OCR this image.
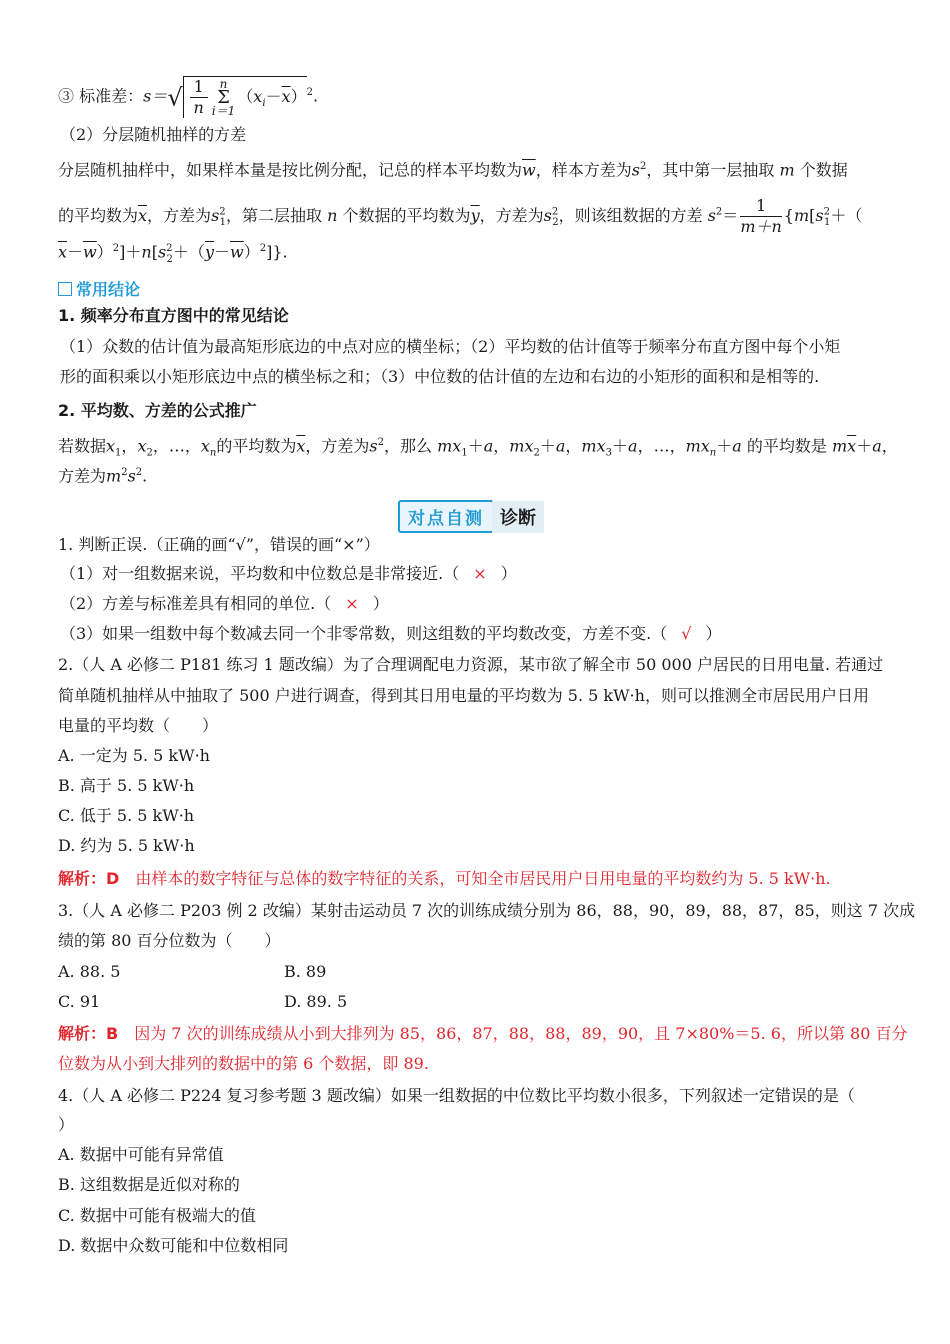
③ 标准差：$s=√ \frac{1}{n}$ n
Σ
$i=1(x_i-\overline{x})^2$.
（2）分层随机抽样的方差
分层随机抽样中，如果样本量是按比例分配，记总的样本平均数为$\overline{w}$，样本方差为$s^2$，其中第一层抽取 m 个数据
的平均数为$\overline{x}$，方差为$s^2_1$，第二层抽取 n 个数据的平均数为$\overline{y}$，方差为$s^2_2$，则该组数据的方差 $s^2= \frac{1}{m+n} \{m[s^2_1+$（
$\overline{x}-\overline{w})^2]+n[s^2_2+(\overline{y}-\overline{w})^2]$}.
常用结论
1. 频率分布直方图中的常见结论
（1）众数的估计值为最高矩形底边的中点对应的横坐标；（2）平均数的估计值等于频率分布直方图中每个小矩
形的面积乘以小矩形底边中点的横坐标之和；（3）中位数的估计值的左边和右边的小矩形的面积和是相等的.
2. 平均数、方差的公式推广
若数据$x_1$，$x_2$，…，$x_n$的平均数为$\overline{x}$，方差为$s^2$，那么 $mx_1+a$，$mx_2+a$，$mx_3+a$，…，$mx_n+a$ 的平均数是 $m\overline{x}+a$，
方差为$m^2s^2$.
对点自测 诊断
1. 判断正误.（正确的画“√”，错误的画“×”）
（1）对一组数据来说，平均数和中位数总是非常接近.（ × ）
（2）方差与标准差具有相同的单位.（ × ）
（3）如果一组数中每个数减去同一个非零常数，则这组数的平均数改变，方差不变.（ √ ）
2.（人 A 必修二 P181 练习 1 题改编）为了合理调配电力资源，某市欲了解全市 50 000 户居民的日用电量. 若通过
简单随机抽样从中抽取了 500 户进行调查，得到其日用电量的平均数为 5. 5 kW·h，则可以推测全市居民用户日用
电量的平均数（　　）
A. 一定为 5. 5 kW·h
B. 高于 5. 5 kW·h
C. 低于 5. 5 kW·h
D. 约为 5. 5 kW·h
解析：D　 由样本的数字特征与总体的数字特征的关系，可知全市居民用户日用电量的平均数约为 5. 5 kW·h.
3.（人 A 必修二 P203 例 2 改编）某射击运动员 7 次的训练成绩分别为 86，88，90，89，88，87，85，则这 7 次成
绩的第 80 百分位数为（　　）
A. 88. 5	B. 89
C. 91	D. 89. 5
解析：B　 因为 7 次的训练成绩从小到大排列为 85，86，87，88，88，89，90，且 7×80%＝5. 6，所以第 80 百分
位数为从小到大排列的数据中的第 6 个数据，即 89.
4.（人 A 必修二 P224 复习参考题 3 题改编）如果一组数据的中位数比平均数小很多，下列叙述一定错误的是（
）
A. 数据中可能有异常值
B. 这组数据是近似对称的
C. 数据中可能有极端大的值
D. 数据中众数可能和中位数相同
